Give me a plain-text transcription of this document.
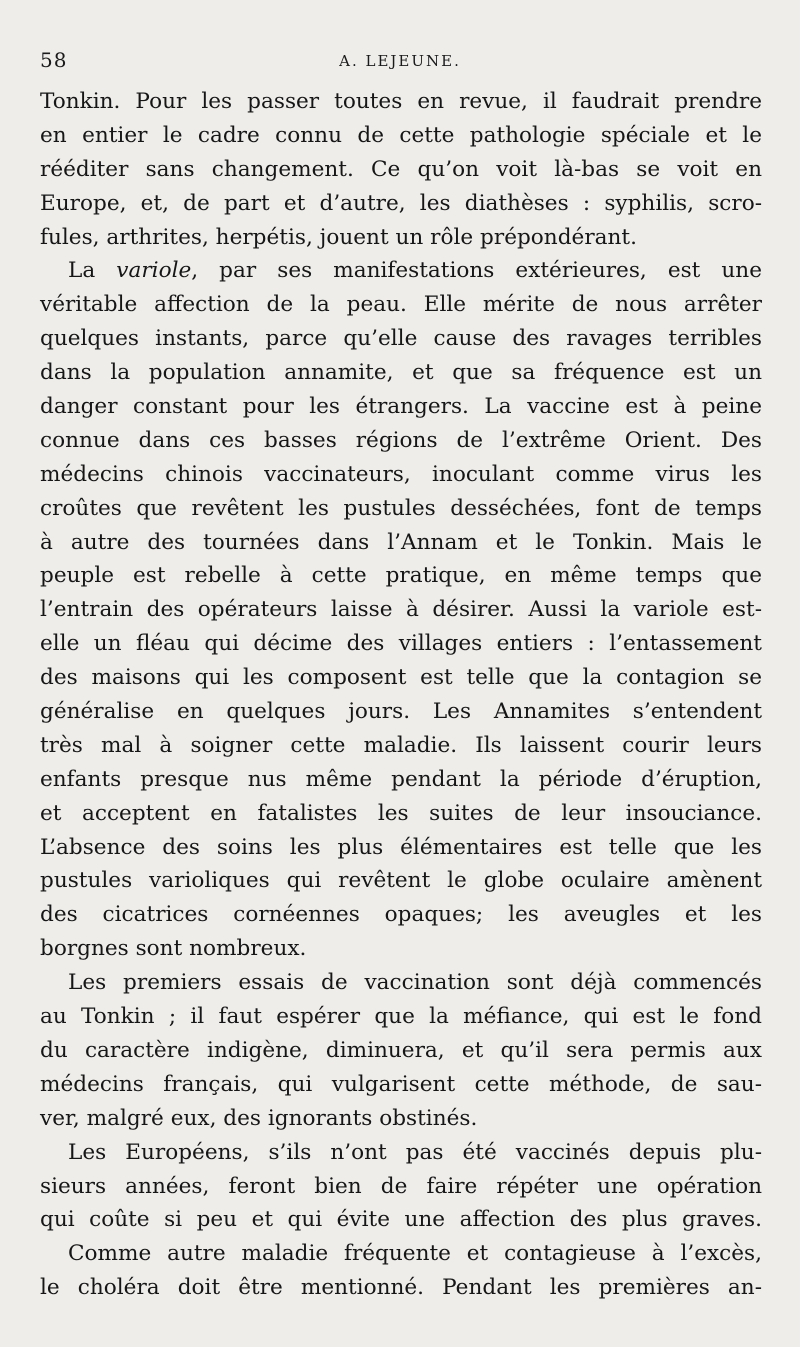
58	A. LEJEUNE.
Tonkin. Pour les passer toutes en revue, il faudrait prendre
en entier le cadre connu de cette pathologie spéciale et le
rééditer sans changement. Ce qu’on voit là-bas se voit en
Europe, et, de part et d’autre, les diathèses : syphilis, scro-
fules, arthrites, herpétis, jouent un rôle prépondérant.
La variole, par ses manifestations extérieures, est une
véritable affection de la peau. Elle mérite de nous arrêter
quelques instants, parce qu’elle cause des ravages terribles
dans la population annamite, et que sa fréquence est un
danger constant pour les étrangers. La vaccine est à peine
connue dans ces basses régions de l’extrême Orient. Des
médecins chinois vaccinateurs, inoculant comme virus les
croûtes que revêtent les pustules desséchées, font de temps
à autre des tournées dans l’Annam et le Tonkin. Mais le
peuple est rebelle à cette pratique, en même temps que
l’entrain des opérateurs laisse à désirer. Aussi la variole est-
elle un fléau qui décime des villages entiers : l’entassement
des maisons qui les composent est telle que la contagion se
généralise en quelques jours. Les Annamites s’entendent
très mal à soigner cette maladie. Ils laissent courir leurs
enfants presque nus même pendant la période d’éruption,
et acceptent en fatalistes les suites de leur insouciance.
L’absence des soins les plus élémentaires est telle que les
pustules varioliques qui revêtent le globe oculaire amènent
des cicatrices cornéennes opaques; les aveugles et les
borgnes sont nombreux.
Les premiers essais de vaccination sont déjà commencés
au Tonkin ; il faut espérer que la méfiance, qui est le fond
du caractère indigène, diminuera, et qu’il sera permis aux
médecins français, qui vulgarisent cette méthode, de sau-
ver, malgré eux, des ignorants obstinés.
Les Européens, s’ils n’ont pas été vaccinés depuis plu-
sieurs années, feront bien de faire répéter une opération
qui coûte si peu et qui évite une affection des plus graves.
Comme autre maladie fréquente et contagieuse à l’excès,
le choléra doit être mentionné. Pendant les premières an-
